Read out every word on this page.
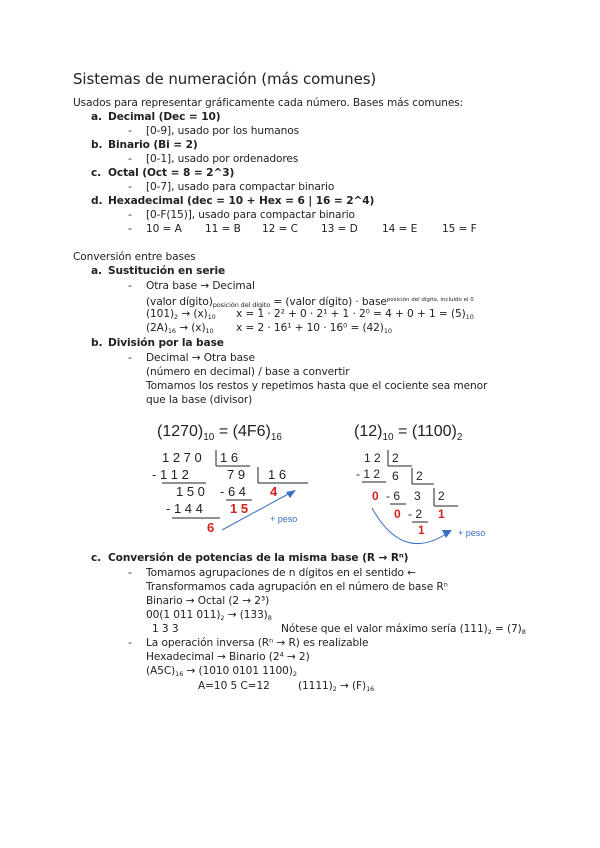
Sistemas de numeración (más comunes)
Usados para representar gráficamente cada número. Bases más comunes:
a. Decimal (Dec = 10)
- [0-9], usado por los humanos
b. Binario (Bi = 2)
- [0-1], usado por ordenadores
c. Octal (Oct = 8 = 2^3)
- [0-7], usado para compactar binario
d. Hexadecimal (dec = 10 + Hex = 6 | 16 = 2^4)
- [0-F(15)], usado para compactar binario
- 10 = A 11 = B 12 = C 13 = D 14 = E 15 = F
Conversión entre bases
a. Sustitución en serie
- Otra base → Decimal
(valor $dígito)_{posición del dígito}$ = (valor dígito) · base$^{posición del dígito, incluido el 0}$
$(101)_2 \to (x)_{10}$ $x = 1 \cdot 2^2 + 0 \cdot 2^1 + 1 \cdot 2^0 = 4 + 0 + 1 = (5)_{10}$
$(2A)_{16} \to (x)_{10}$ $x = 2 \cdot 16^1 + 10 \cdot 16^0 = (42)_{10}$
b. División por la base
- Decimal → Otra base
(número en decimal) / base a convertir
Tomamos los restos y repetimos hasta que el cociente sea menor
que la base (divisor)
$(1270)_{10} = (4F6)_{16}$
1 2 7 0 1 6
- 1 1 2	7 9 1 6
1 5 0 - 6 4 4
- 1 4 4 1 5
6
+ peso
$(12)_{10} = (1100)_2$
1 2 2
- 1 2 6 2
0 - 6 3 2
0 - 2 1
1	+ peso
c. Conversión de potencias de la misma base (R → Rⁿ)
- Tomamos agrupaciones de n dígitos en el sentido ←
Transformamos cada agrupación en el número de base Rⁿ
Binario → Octal (2 → 2³)
00(1 011 $011)_2 \to (133)_8$
1 3 3	Nótese que el valor máximo sería $(111)_2 = (7)_8$
- La operación inversa (Rⁿ → R) es realizable
Hexadecimal → Binario (2⁴ → 2)
$(A5C)_{16} \to (1010$ 0101 $1100)_2$
A=10 5 C=12	$(1111)_2 \to (F)_{16}$
